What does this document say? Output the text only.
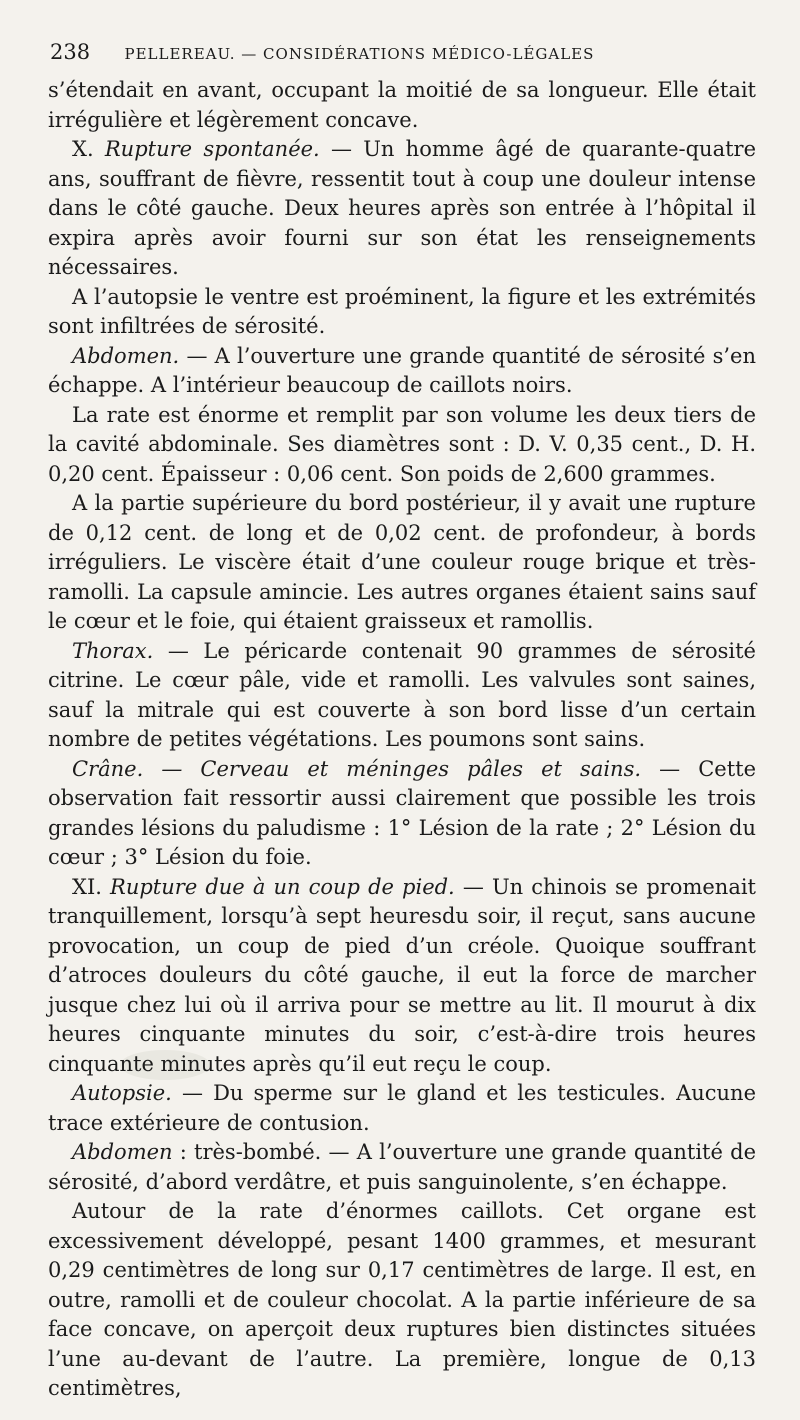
238 PELLEREAU. — CONSIDÉRATIONS MÉDICO-LÉGALES

s’étendait en avant, occupant la moitié de sa longueur. Elle était irrégulière et légèrement concave.

X. Rupture spontanée. — Un homme âgé de quarante-quatre ans, souffrant de fièvre, ressentit tout à coup une douleur intense dans le côté gauche. Deux heures après son entrée à l’hôpital il expira après avoir fourni sur son état les renseignements nécessaires.

A l’autopsie le ventre est proéminent, la figure et les extrémités sont infiltrées de sérosité.

Abdomen. — A l’ouverture une grande quantité de sérosité s’en échappe. A l’intérieur beaucoup de caillots noirs.

La rate est énorme et remplit par son volume les deux tiers de la cavité abdominale. Ses diamètres sont : D. V. 0,35 cent., D. H. 0,20 cent. Épaisseur : 0,06 cent. Son poids de 2,600 grammes.

A la partie supérieure du bord postérieur, il y avait une rupture de 0,12 cent. de long et de 0,02 cent. de profondeur, à bords irréguliers. Le viscère était d’une couleur rouge brique et très-ramolli. La capsule amincie. Les autres organes étaient sains sauf le cœur et le foie, qui étaient graisseux et ramollis.

Thorax. — Le péricarde contenait 90 grammes de sérosité citrine. Le cœur pâle, vide et ramolli. Les valvules sont saines, sauf la mitrale qui est couverte à son bord lisse d’un certain nombre de petites végétations. Les poumons sont sains.

Crâne. — Cerveau et méninges pâles et sains. — Cette observation fait ressortir aussi clairement que possible les trois grandes lésions du paludisme : 1° Lésion de la rate ; 2° Lésion du cœur ; 3° Lésion du foie.

XI. Rupture due à un coup de pied. — Un chinois se promenait tranquillement, lorsqu’à sept heuresdu soir, il reçut, sans aucune provocation, un coup de pied d’un créole. Quoique souffrant d’atroces douleurs du côté gauche, il eut la force de marcher jusque chez lui où il arriva pour se mettre au lit. Il mourut à dix heures cinquante minutes du soir, c’est-à-dire trois heures cinquante minutes après qu’il eut reçu le coup.

Autopsie. — Du sperme sur le gland et les testicules. Aucune trace extérieure de contusion.

Abdomen : très-bombé. — A l’ouverture une grande quantité de sérosité, d’abord verdâtre, et puis sanguinolente, s’en échappe.

Autour de la rate d’énormes caillots. Cet organe est excessivement développé, pesant 1400 grammes, et mesurant 0,29 centimètres de long sur 0,17 centimètres de large. Il est, en outre, ramolli et de couleur chocolat. A la partie inférieure de sa face concave, on aperçoit deux ruptures bien distinctes situées l’une au-devant de l’autre. La première, longue de 0,13 centimètres,
